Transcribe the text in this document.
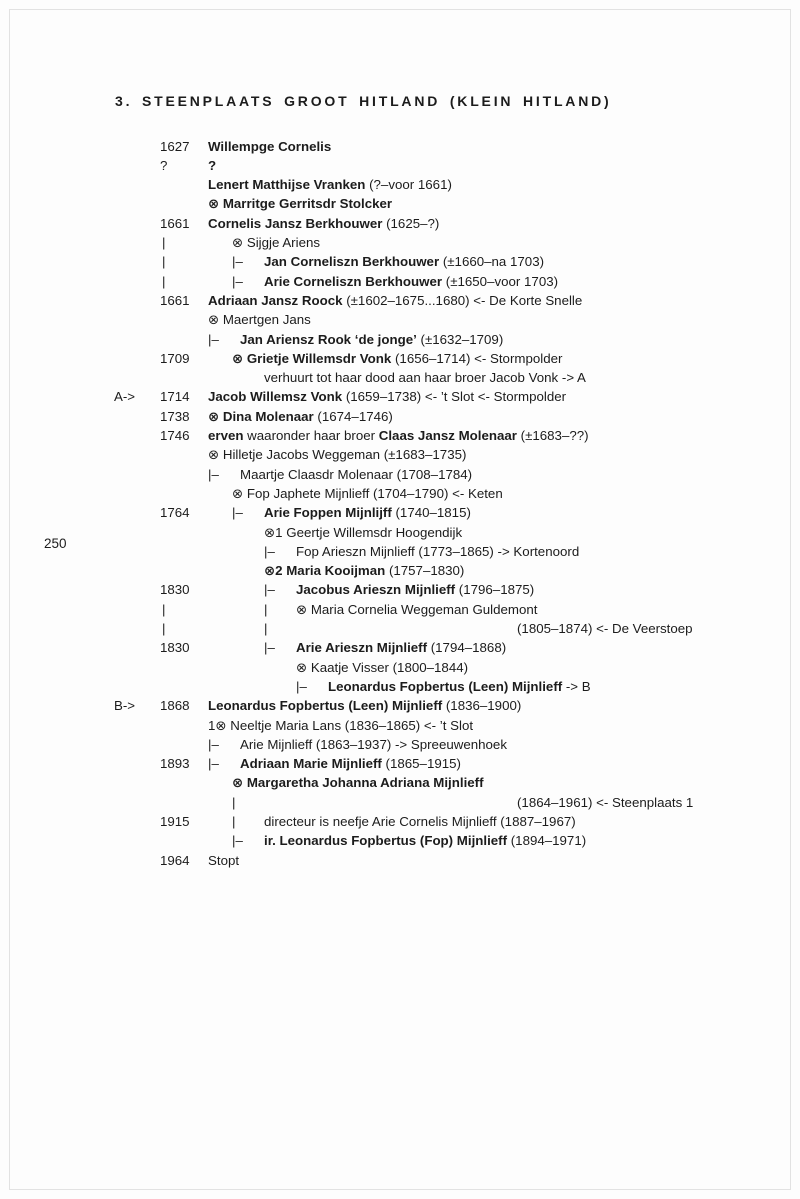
3. STEENPLAATS GROOT HITLAND (KLEIN HITLAND)
250
1627 Willempge Cornelis
?	?
Lenert Matthijse Vranken (?–voor 1661)
⊗ Marritge Gerritsdr Stolcker
1661 Cornelis Jansz Berkhouwer (1625–?)
|	⊗ Sijgje Ariens
|	|– Jan Corneliszn Berkhouwer (±1660–na 1703)
|	|– Arie Corneliszn Berkhouwer (±1650–voor 1703)
1661 Adriaan Jansz Roock (±1602–1675...1680) <- De Korte Snelle
⊗ Maertgen Jans
|– Jan Ariensz Rook ‘de jonge’ (±1632–1709)
1709	⊗ Grietje Willemsdr Vonk (1656–1714) <- Stormpolder
verhuurt tot haar dood aan haar broer Jacob Vonk -> A
A-> 1714 Jacob Willemsz Vonk (1659–1738) <- ’t Slot <- Stormpolder
1738 ⊗ Dina Molenaar (1674–1746)
1746 erven waaronder haar broer Claas Jansz Molenaar (±1683–??)
⊗ Hilletje Jacobs Weggeman (±1683–1735)
|– Maartje Claasdr Molenaar (1708–1784)
⊗ Fop Japhete Mijnlieff (1704–1790) <- Keten
1764	|– Arie Foppen Mijnlijff (1740–1815)
⊗1 Geertje Willemsdr Hoogendijk
|– Fop Arieszn Mijnlieff (1773–1865) -> Kortenoord
⊗2 Maria Kooijman (1757–1830)
1830	|– Jacobus Arieszn Mijnlieff (1796–1875)
|	| ⊗ Maria Cornelia Weggeman Guldemont
|	|	(1805–1874) <- De Veerstoep
1830	|– Arie Arieszn Mijnlieff (1794–1868)
⊗ Kaatje Visser (1800–1844)
|– Leonardus Fopbertus (Leen) Mijnlieff -> B
B-> 1868 Leonardus Fopbertus (Leen) Mijnlieff (1836–1900)
1⊗ Neeltje Maria Lans (1836–1865) <- ’t Slot
|– Arie Mijnlieff (1863–1937) -> Spreeuwenhoek
1893 |– Adriaan Marie Mijnlieff (1865–1915)
⊗ Margaretha Johanna Adriana Mijnlieff
|	(1864–1961) <- Steenplaats 1
1915	| directeur is neefje Arie Cornelis Mijnlieff (1887–1967)
|– ir. Leonardus Fopbertus (Fop) Mijnlieff (1894–1971)
1964 Stopt
